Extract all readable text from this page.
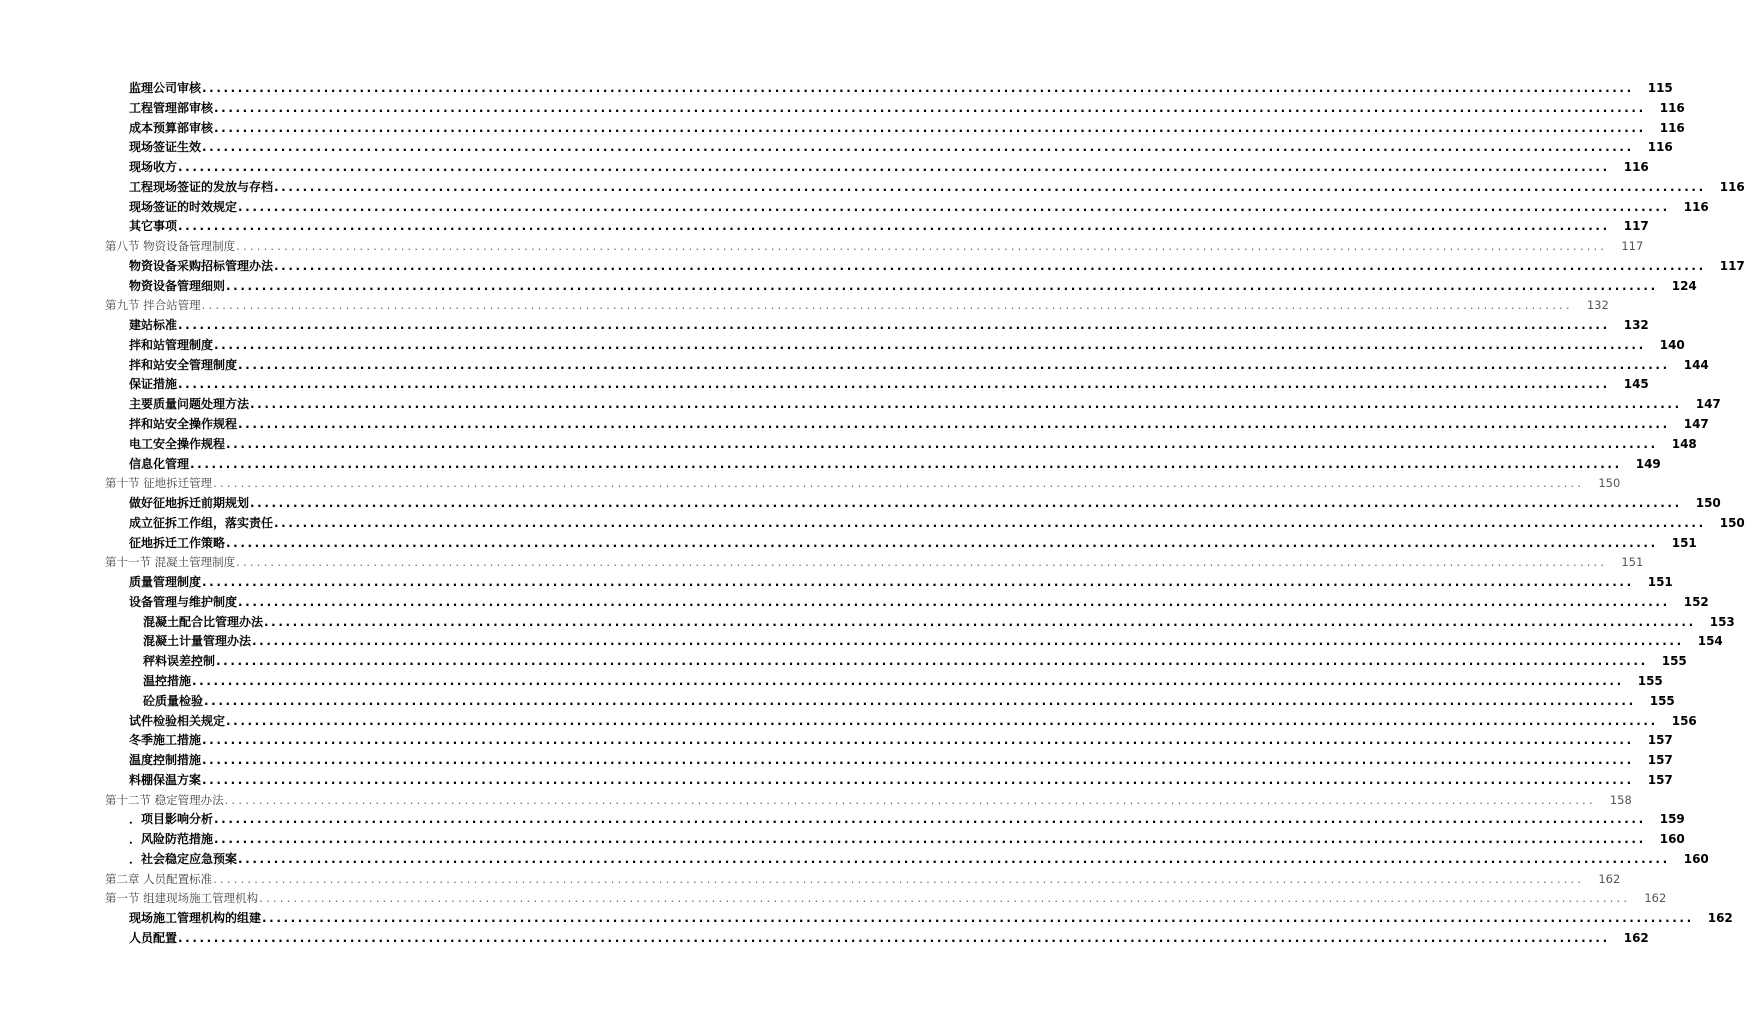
监理公司审核 ........................................................................................................................................................................................................ 115
工程管理部审核 ........................................................................................................................................................................................................ 116
成本预算部审核 ........................................................................................................................................................................................................ 116
现场签证生效 ........................................................................................................................................................................................................ 116
现场收方 ........................................................................................................................................................................................................ 116
工程现场签证的发放与存档 ........................................................................................................................................................................................................ 116
现场签证的时效规定 ........................................................................................................................................................................................................ 116
其它事项 ........................................................................................................................................................................................................ 117
第八节 物资设备管理制度 ........................................................................................................................................................................................................ 117
物资设备采购招标管理办法 ........................................................................................................................................................................................................ 117
物资设备管理细则 ........................................................................................................................................................................................................ 124
第九节 拌合站管理 ........................................................................................................................................................................................................ 132
建站标准 ........................................................................................................................................................................................................ 132
拌和站管理制度 ........................................................................................................................................................................................................ 140
拌和站安全管理制度 ........................................................................................................................................................................................................ 144
保证措施 ........................................................................................................................................................................................................ 145
主要质量问题处理方法 ........................................................................................................................................................................................................ 147
拌和站安全操作规程 ........................................................................................................................................................................................................ 147
电工安全操作规程 ........................................................................................................................................................................................................ 148
信息化管理 ........................................................................................................................................................................................................ 149
第十节 征地拆迁管理 ........................................................................................................................................................................................................ 150
做好征地拆迁前期规划 ........................................................................................................................................................................................................ 150
成立征拆工作组，落实责任 ........................................................................................................................................................................................................ 150
征地拆迁工作策略 ........................................................................................................................................................................................................ 151
第十一节 混凝土管理制度 ........................................................................................................................................................................................................ 151
质量管理制度 ........................................................................................................................................................................................................ 151
设备管理与维护制度 ........................................................................................................................................................................................................ 152
混凝土配合比管理办法 ........................................................................................................................................................................................................ 153
混凝土计量管理办法 ........................................................................................................................................................................................................ 154
秤料误差控制 ........................................................................................................................................................................................................ 155
温控措施 ........................................................................................................................................................................................................ 155
砼质量检验 ........................................................................................................................................................................................................ 155
试件检验相关规定 ........................................................................................................................................................................................................ 156
冬季施工措施 ........................................................................................................................................................................................................ 157
温度控制措施 ........................................................................................................................................................................................................ 157
料棚保温方案 ........................................................................................................................................................................................................ 157
第十二节 稳定管理办法 ........................................................................................................................................................................................................ 158
．项目影响分析 ........................................................................................................................................................................................................ 159
．风险防范措施 ........................................................................................................................................................................................................ 160
．社会稳定应急预案 ........................................................................................................................................................................................................ 160
第二章 人员配置标准 ........................................................................................................................................................................................................ 162
第一节 组建现场施工管理机构 ........................................................................................................................................................................................................ 162
现场施工管理机构的组建 ........................................................................................................................................................................................................ 162
人员配置 ........................................................................................................................................................................................................ 162
